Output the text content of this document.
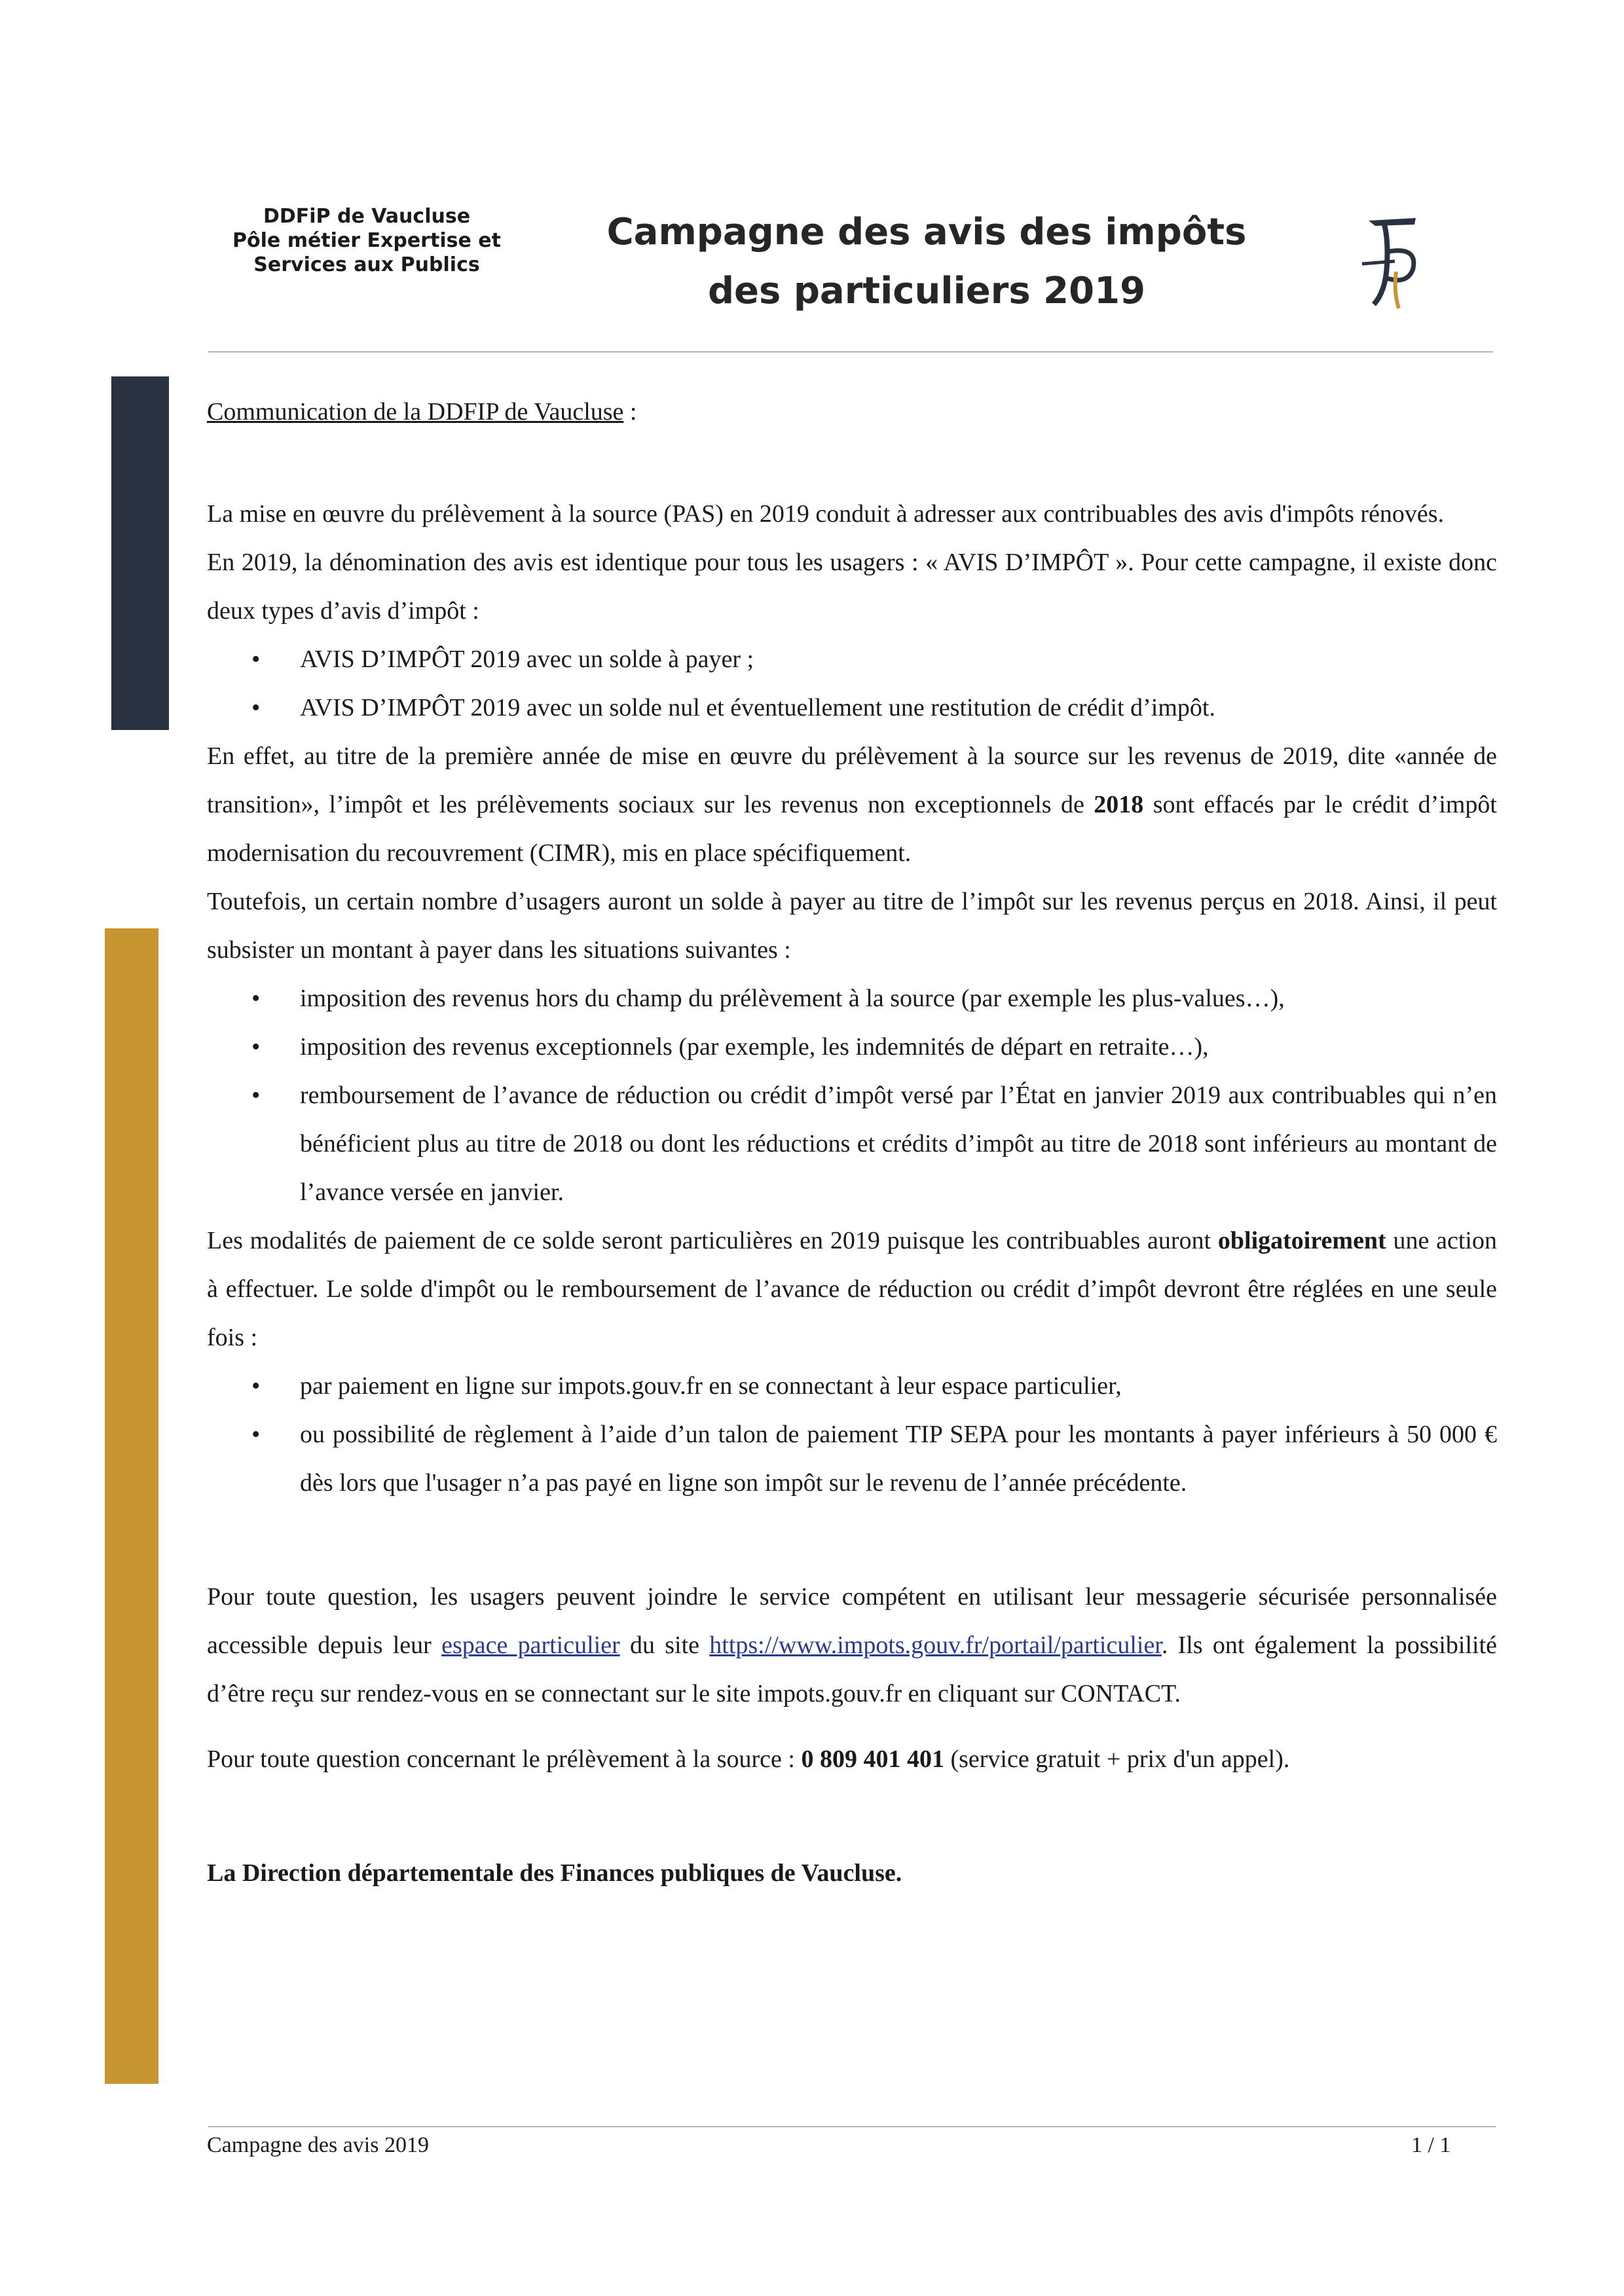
DDFiP de Vaucluse
Pôle métier Expertise et
Services aux Publics
Campagne des avis des impôts
des particuliers 2019

Communication de la DDFIP de Vaucluse :

La mise en œuvre du prélèvement à la source (PAS) en 2019 conduit à adresser aux contribuables des avis d'impôts rénovés.

En 2019, la dénomination des avis est identique pour tous les usagers : « AVIS D’IMPÔT ». Pour cette campagne, il existe donc deux types d’avis d’impôt :

• AVIS D’IMPÔT 2019 avec un solde à payer ;
• AVIS D’IMPÔT 2019 avec un solde nul et éventuellement une restitution de crédit d’impôt.

En effet, au titre de la première année de mise en œuvre du prélèvement à la source sur les revenus de 2019, dite «année de transition», l’impôt et les prélèvements sociaux sur les revenus non exceptionnels de 2018 sont effacés par le crédit d’impôt modernisation du recouvrement (CIMR), mis en place spécifiquement.

Toutefois, un certain nombre d’usagers auront un solde à payer au titre de l’impôt sur les revenus perçus en 2018. Ainsi, il peut subsister un montant à payer dans les situations suivantes :

• imposition des revenus hors du champ du prélèvement à la source (par exemple les plus-values…),
• imposition des revenus exceptionnels (par exemple, les indemnités de départ en retraite…),
• remboursement de l’avance de réduction ou crédit d’impôt versé par l’État en janvier 2019 aux contribuables qui n’en bénéficient plus au titre de 2018 ou dont les réductions et crédits d’impôt au titre de 2018 sont inférieurs au montant de l’avance versée en janvier.

Les modalités de paiement de ce solde seront particulières en 2019 puisque les contribuables auront obligatoirement une action à effectuer. Le solde d'impôt ou le remboursement de l’avance de réduction ou crédit d’impôt devront être réglées en une seule fois :

• par paiement en ligne sur impots.gouv.fr en se connectant à leur espace particulier,
• ou possibilité de règlement à l’aide d’un talon de paiement TIP SEPA pour les montants à payer inférieurs à 50 000 € dès lors que l'usager n’a pas payé en ligne son impôt sur le revenu de l’année précédente.

Pour toute question, les usagers peuvent joindre le service compétent en utilisant leur messagerie sécurisée personnalisée accessible depuis leur espace particulier du site https://www.impots.gouv.fr/portail/particulier. Ils ont également la possibilité d’être reçu sur rendez-vous en se connectant sur le site impots.gouv.fr en cliquant sur CONTACT.

Pour toute question concernant le prélèvement à la source : 0 809 401 401 (service gratuit + prix d'un appel).

La Direction départementale des Finances publiques de Vaucluse.

Campagne des avis 2019	1 / 1
